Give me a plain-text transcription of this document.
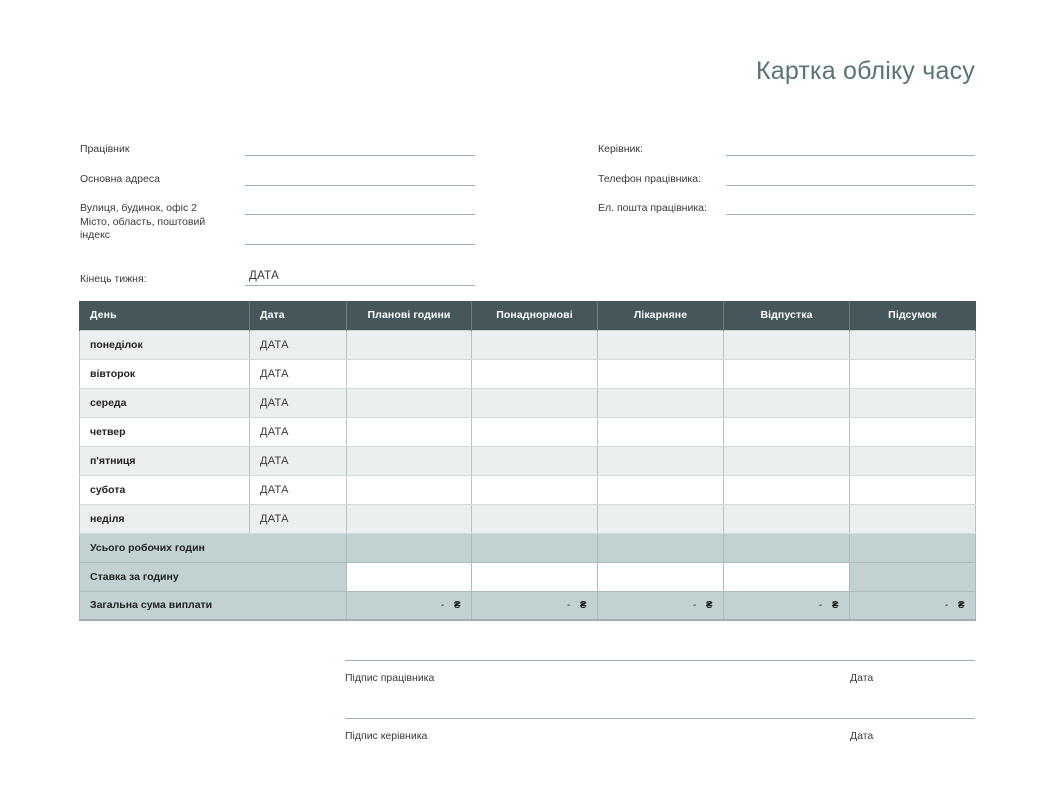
Картка обліку часу
Працівник
Основна адреса
Вулиця, будинок, офіс 2
Місто, область, поштовий
індекс
Кінець тижня:	ДАТА
Керівник:
Телефон працівника:
Ел. пошта працівника:
День	Дата	Планові години	Понаднормові	Лікарняне	Відпустка	Підсумок
понеділок	ДАТА					
вівторок	ДАТА					
середа	ДАТА					
четвер	ДАТА					
п'ятниця	ДАТА					
субота	ДАТА					
неділя	ДАТА					
Усього робочих годин						
Ставка за годину						
Загальна сума виплати		- ₴	- ₴	- ₴	- ₴	- ₴
Підпис працівника	Дата
Підпис керівника	Дата
